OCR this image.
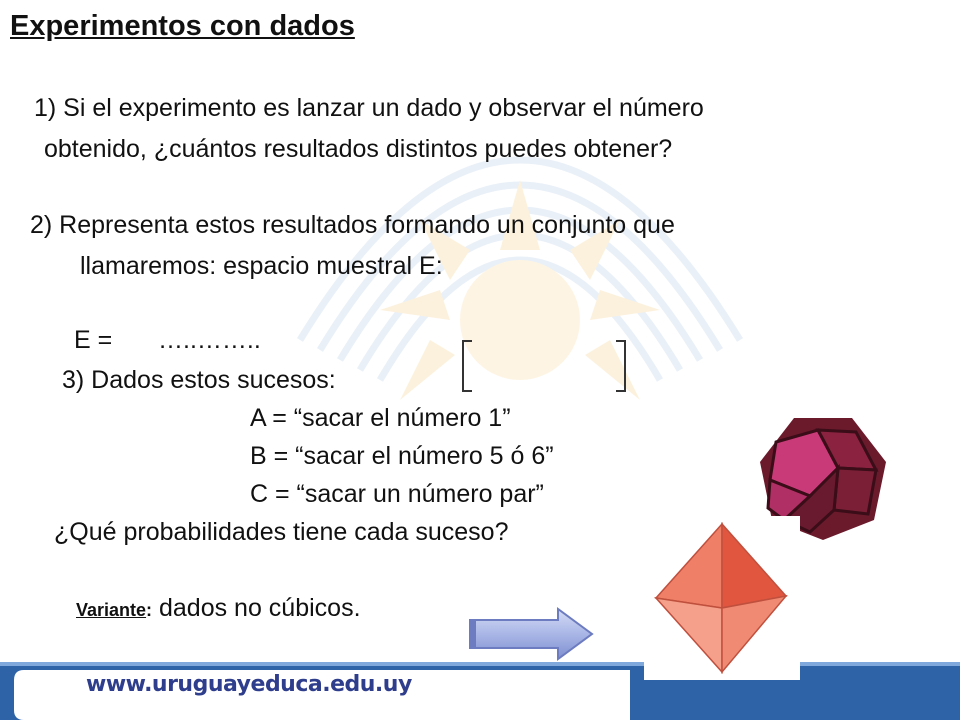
Experimentos con dados
1) Si el experimento es lanzar un dado y observar el número
obtenido, ¿cuántos resultados distintos puedes obtener?
2) Representa estos resultados formando un conjunto que
llamaremos: espacio muestral E:
E = …..……..
3) Dados estos sucesos:
A = “sacar el número 1”
B = “sacar el número 5 ó 6”
C = “sacar un número par”
¿Qué probabilidades tiene cada suceso?
Variante: dados no cúbicos.
www.uruguayeduca.edu.uy
